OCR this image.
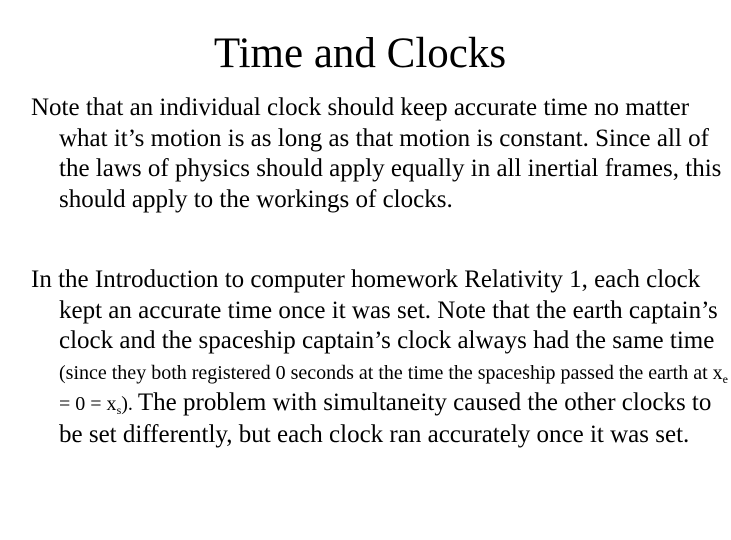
Time and Clocks

Note that an individual clock should keep accurate time no matter what it’s motion is as long as that motion is constant. Since all of the laws of physics should apply equally in all inertial frames, this should apply to the workings of clocks.

In the Introduction to computer homework Relativity 1, each clock kept an accurate time once it was set. Note that the earth captain’s clock and the spaceship captain’s clock always had the same time (since they both registered 0 seconds at the time the spaceship passed the earth at $x_e = 0 = x_s$). The problem with simultaneity caused the other clocks to be set differently, but each clock ran accurately once it was set.
